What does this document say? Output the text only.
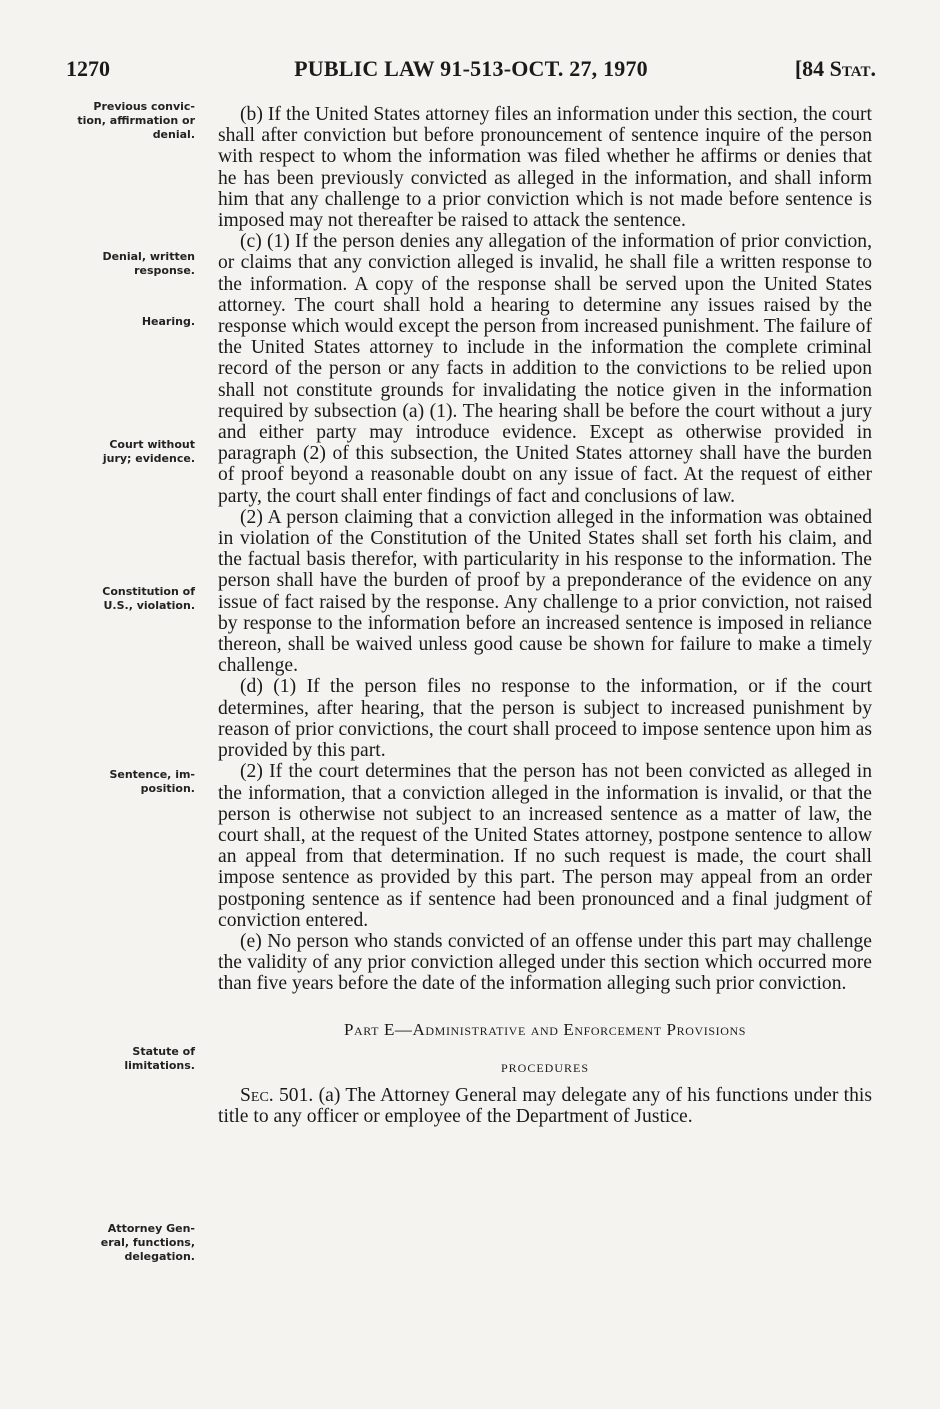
1270	PUBLIC LAW 91-513-OCT. 27, 1970	[84 Stat.
Previous convic-
tion, affirmation or
denial.
Denial, written
response.
Hearing.
Court without
jury; evidence.
Constitution of
U.S., violation.
Sentence, im-
position.
Statute of
limitations.
Attorney Gen-
eral, functions,
delegation.

(b) If the United States attorney files an information under this section, the court shall after conviction but before pronouncement of sentence inquire of the person with respect to whom the information was filed whether he affirms or denies that he has been previously convicted as alleged in the information, and shall inform him that any challenge to a prior conviction which is not made before sentence is imposed may not thereafter be raised to attack the sentence.

(c) (1) If the person denies any allegation of the information of prior conviction, or claims that any conviction alleged is invalid, he shall file a written response to the information. A copy of the response shall be served upon the United States attorney. The court shall hold a hearing to determine any issues raised by the response which would except the person from increased punishment. The failure of the United States attorney to include in the information the complete criminal record of the person or any facts in addition to the convictions to be relied upon shall not constitute grounds for invalidating the notice given in the information required by subsection (a) (1). The hearing shall be before the court without a jury and either party may introduce evidence. Except as otherwise provided in paragraph (2) of this subsection, the United States attorney shall have the burden of proof beyond a reasonable doubt on any issue of fact. At the request of either party, the court shall enter findings of fact and conclusions of law.

(2) A person claiming that a conviction alleged in the information was obtained in violation of the Constitution of the United States shall set forth his claim, and the factual basis therefor, with particularity in his response to the information. The person shall have the burden of proof by a preponderance of the evidence on any issue of fact raised by the response. Any challenge to a prior conviction, not raised by response to the information before an increased sentence is imposed in reliance thereon, shall be waived unless good cause be shown for failure to make a timely challenge.

(d) (1) If the person files no response to the information, or if the court determines, after hearing, that the person is subject to increased punishment by reason of prior convictions, the court shall proceed to impose sentence upon him as provided by this part.

(2) If the court determines that the person has not been convicted as alleged in the information, that a conviction alleged in the information is invalid, or that the person is otherwise not subject to an increased sentence as a matter of law, the court shall, at the request of the United States attorney, postpone sentence to allow an appeal from that determination. If no such request is made, the court shall impose sentence as provided by this part. The person may appeal from an order postponing sentence as if sentence had been pronounced and a final judgment of conviction entered.

(e) No person who stands convicted of an offense under this part may challenge the validity of any prior conviction alleged under this section which occurred more than five years before the date of the information alleging such prior conviction.

Part E—Administrative and Enforcement Provisions

PROCEDURES

Sec. 501. (a) The Attorney General may delegate any of his functions under this title to any officer or employee of the Department of Justice.
